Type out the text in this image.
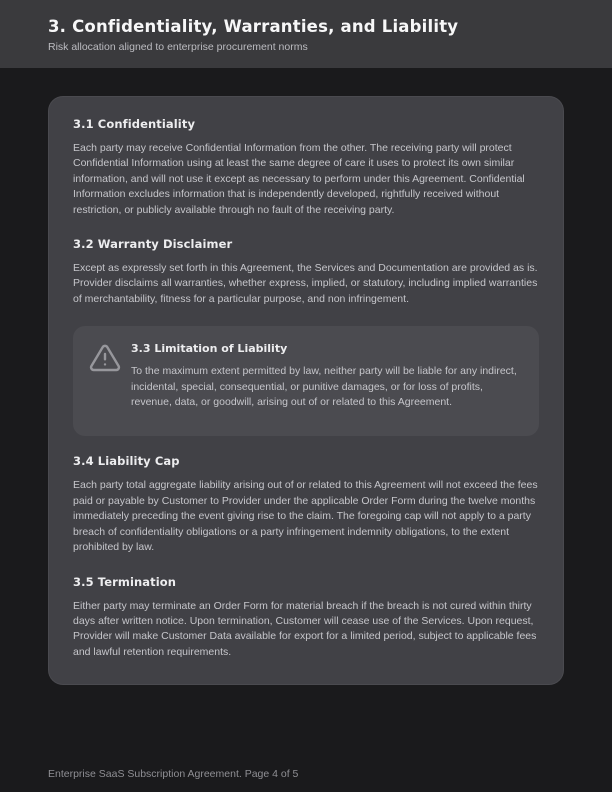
3. Confidentiality, Warranties, and Liability

Risk allocation aligned to enterprise procurement norms

3.1 Confidentiality

Each party may receive Confidential Information from the other. The receiving party will protect Confidential Information using at least the same degree of care it uses to protect its own similar information, and will not use it except as necessary to perform under this Agreement. Confidential Information excludes information that is independently developed, rightfully received without restriction, or publicly available through no fault of the receiving party.

3.2 Warranty Disclaimer

Except as expressly set forth in this Agreement, the Services and Documentation are provided as is. Provider disclaims all warranties, whether express, implied, or statutory, including implied warranties of merchantability, fitness for a particular purpose, and non infringement.

3.3 Limitation of Liability

To the maximum extent permitted by law, neither party will be liable for any indirect, incidental, special, consequential, or punitive damages, or for loss of profits, revenue, data, or goodwill, arising out of or related to this Agreement.

3.4 Liability Cap

Each party total aggregate liability arising out of or related to this Agreement will not exceed the fees paid or payable by Customer to Provider under the applicable Order Form during the twelve months immediately preceding the event giving rise to the claim. The foregoing cap will not apply to a party breach of confidentiality obligations or a party infringement indemnity obligations, to the extent prohibited by law.

3.5 Termination

Either party may terminate an Order Form for material breach if the breach is not cured within thirty days after written notice. Upon termination, Customer will cease use of the Services. Upon request, Provider will make Customer Data available for export for a limited period, subject to applicable fees and lawful retention requirements.

Enterprise SaaS Subscription Agreement. Page 4 of 5
